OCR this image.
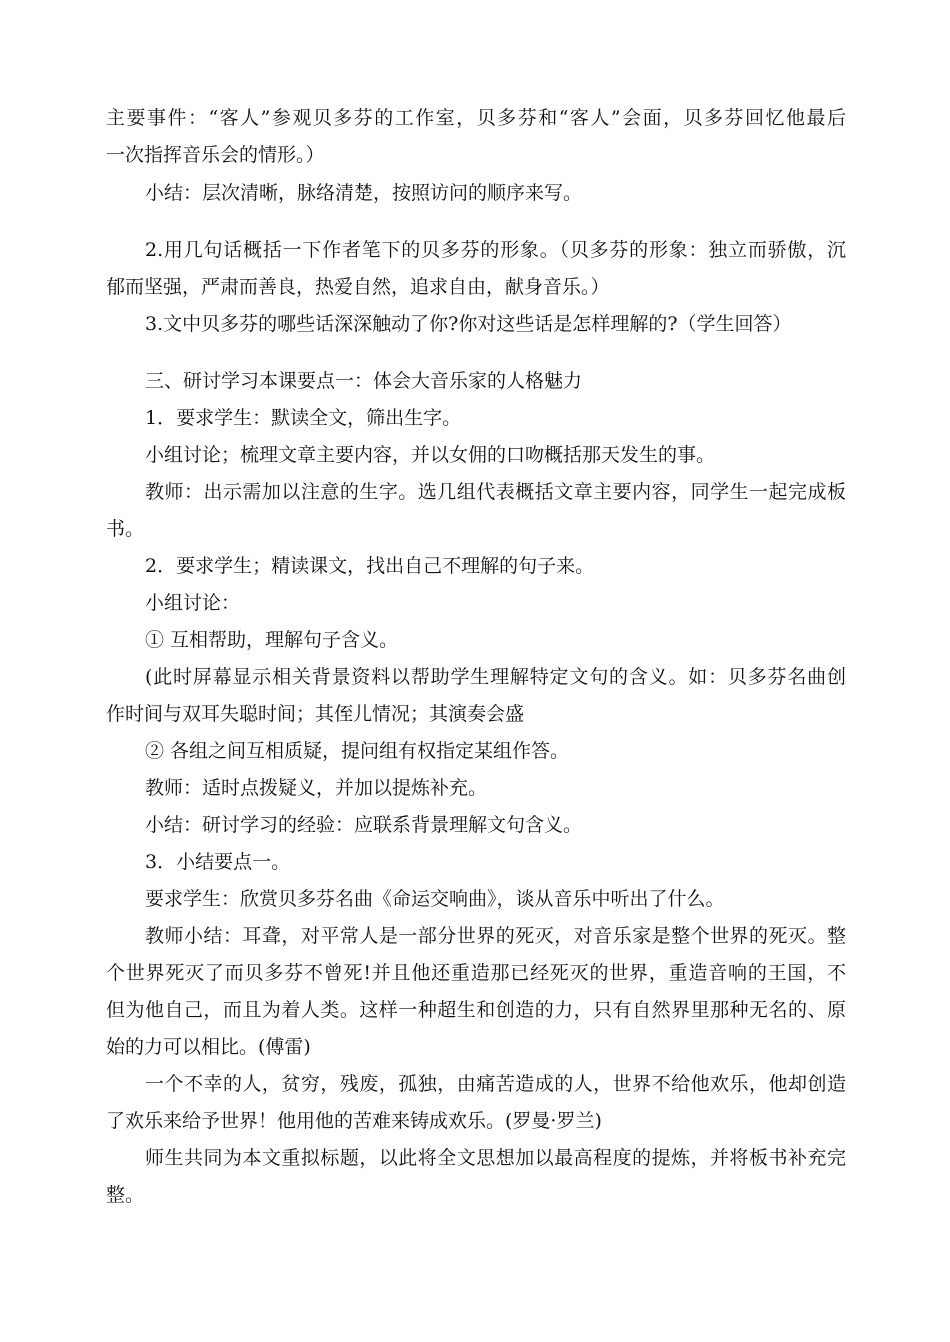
主要事件：“客人”参观贝多芬的工作室，贝多芬和“客人”会面，贝多芬回忆他最后
一次指挥音乐会的情形。）
小结：层次清晰，脉络清楚，按照访问的顺序来写。
2.用几句话概括一下作者笔下的贝多芬的形象。（贝多芬的形象：独立而骄傲，沉
郁而坚强，严肃而善良，热爱自然，追求自由，献身音乐。）
3.文中贝多芬的哪些话深深触动了你?你对这些话是怎样理解的?（学生回答）
三、研讨学习本课要点一：体会大音乐家的人格魅力
1．要求学生：默读全文，筛出生字。
小组讨论；梳理文章主要内容，并以女佣的口吻概括那天发生的事。
教师：出示需加以注意的生字。选几组代表概括文章主要内容，同学生一起完成板
书。
2．要求学生；精读课文，找出自己不理解的句子来。
小组讨论：
① 互相帮助，理解句子含义。
(此时屏幕显示相关背景资料以帮助学生理解特定文句的含义。如：贝多芬名曲创
作时间与双耳失聪时间；其侄儿情况；其演奏会盛
② 各组之间互相质疑，提问组有权指定某组作答。
教师：适时点拨疑义，并加以提炼补充。
小结：研讨学习的经验：应联系背景理解文句含义。
3．小结要点一。
要求学生：欣赏贝多芬名曲《命运交响曲》，谈从音乐中听出了什么。
教师小结：耳聋，对平常人是一部分世界的死灭，对音乐家是整个世界的死灭。整
个世界死灭了而贝多芬不曾死!并且他还重造那已经死灭的世界，重造音响的王国，不
但为他自己，而且为着人类。这样一种超生和创造的力，只有自然界里那种无名的、原
始的力可以相比。(傅雷)
一个不幸的人，贫穷，残废，孤独，由痛苦造成的人，世界不给他欢乐，他却创造
了欢乐来给予世界！他用他的苦难来铸成欢乐。(罗曼·罗兰)
师生共同为本文重拟标题，以此将全文思想加以最高程度的提炼，并将板书补充完
整。
